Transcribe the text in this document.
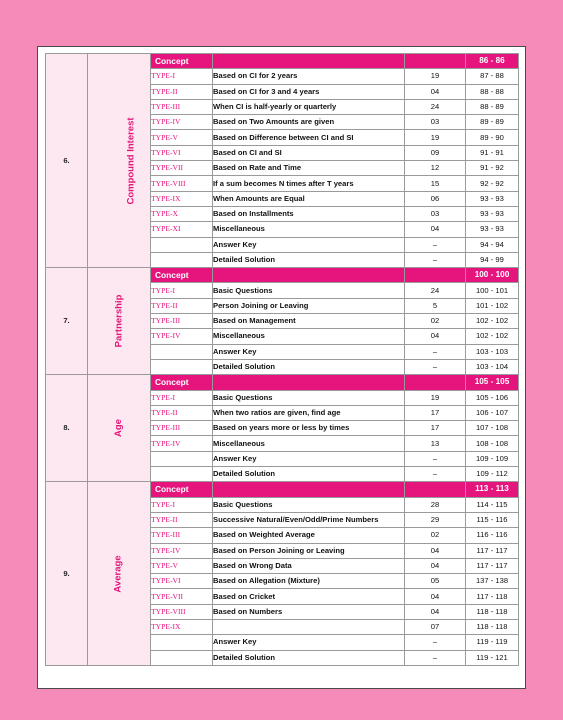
6.	Compound Interest	Concept			86 - 86
		TYPE-I	Based on CI for 2 years	19	87 - 88
		TYPE-II	Based on CI for 3 and 4 years	04	88 - 88
		TYPE-III	When CI is half-yearly or quarterly	24	88 - 89
		TYPE-IV	Based on Two Amounts are given	03	89 - 89
		TYPE-V	Based on Difference between CI and SI	19	89 - 90
		TYPE-VI	Based on CI and SI	09	91 - 91
		TYPE-VII	Based on Rate and Time	12	91 - 92
		TYPE-VIII	If a sum becomes N times after T years	15	92 - 92
		TYPE-IX	When Amounts are Equal	06	93 - 93
		TYPE-X	Based on Installments	03	93 - 93
		TYPE-XI	Miscellaneous	04	93 - 93
			Answer Key	–	94 - 94
			Detailed Solution	–	94 - 99
7.	Partnership	Concept			100 - 100
		TYPE-I	Basic Questions	24	100 - 101
		TYPE-II	Person Joining or Leaving	5	101 - 102
		TYPE-III	Based on Management	02	102 - 102
		TYPE-IV	Miscellaneous	04	102 - 102
			Answer Key	–	103 - 103
			Detailed Solution	–	103 - 104
8.	Age	Concept			105 - 105
		TYPE-I	Basic Questions	19	105 - 106
		TYPE-II	When two ratios are given, find age	17	106 - 107
		TYPE-III	Based on years more or less by times	17	107 - 108
		TYPE-IV	Miscellaneous	13	108 - 108
			Answer Key	–	109 - 109
			Detailed Solution	–	109 - 112
9.	Average	Concept			113 - 113
		TYPE-I	Basic Questions	28	114 - 115
		TYPE-II	Successive Natural/Even/Odd/Prime Numbers	29	115 - 116
		TYPE-III	Based on Weighted Average	02	116 - 116
		TYPE-IV	Based on Person Joining or Leaving	04	117 - 117
		TYPE-V	Based on Wrong Data	04	117 - 117
		TYPE-VI	Based on Allegation (Mixture)	05	137 - 138
		TYPE-VII	Based on Cricket	04	117 - 118
		TYPE-VIII	Based on Numbers	04	118 - 118
		TYPE-IX		07	118 - 118
			Answer Key	–	119 - 119
			Detailed Solution	–	119 - 121
